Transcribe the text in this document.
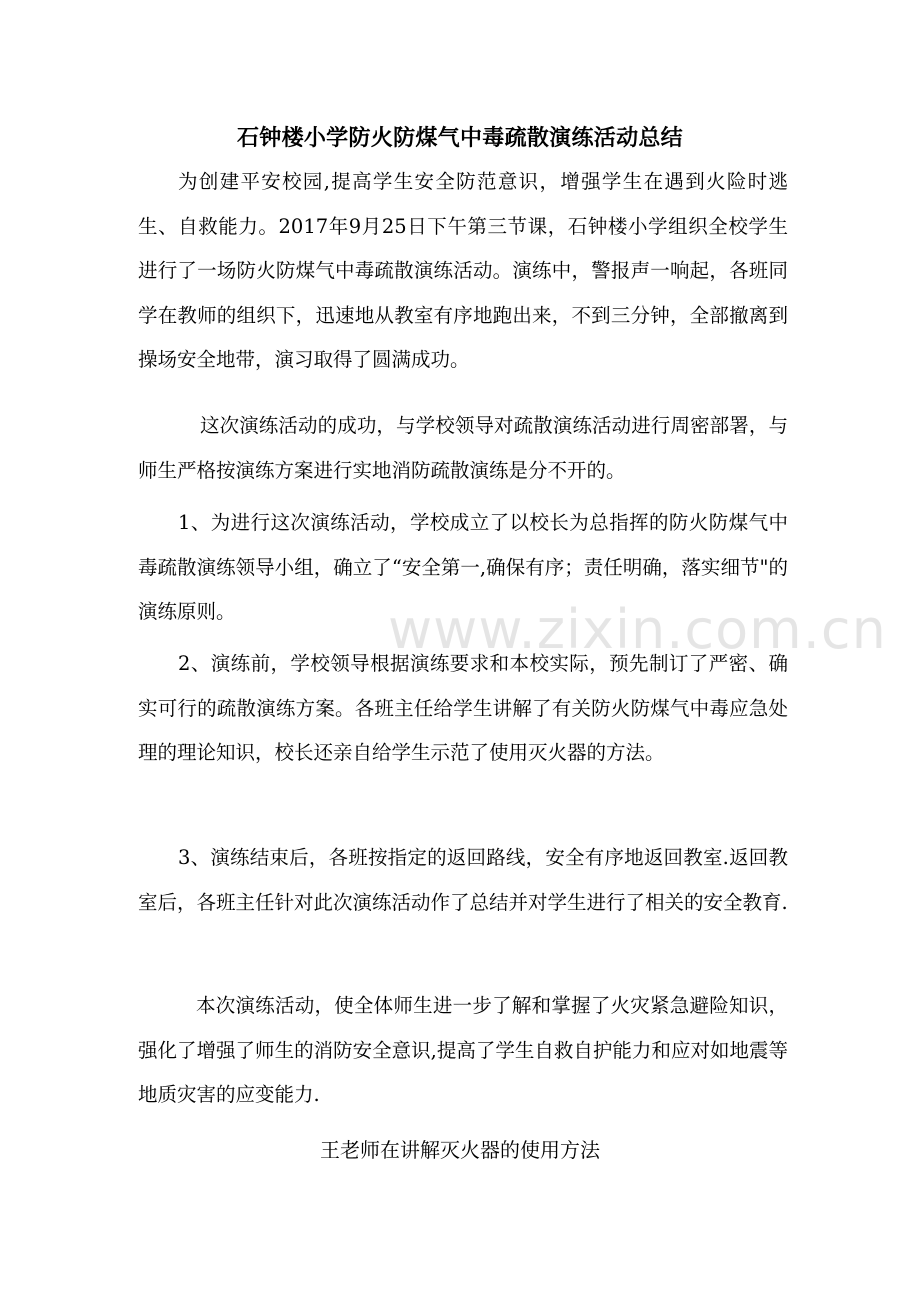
石钟楼小学防火防煤气中毒疏散演练活动总结
为创建平安校园,提高学生安全防范意识，增强学生在遇到火险时逃生、自救能力。2017年9月25日下午第三节课，石钟楼小学组织全校学生进行了一场防火防煤气中毒疏散演练活动。演练中，警报声一响起，各班同学在教师的组织下，迅速地从教室有序地跑出来，不到三分钟，全部撤离到操场安全地带，演习取得了圆满成功。
这次演练活动的成功，与学校领导对疏散演练活动进行周密部署，与师生严格按演练方案进行实地消防疏散演练是分不开的。
1、为进行这次演练活动，学校成立了以校长为总指挥的防火防煤气中毒疏散演练领导小组，确立了“安全第一,确保有序；责任明确，落实细节"的演练原则。
2、演练前，学校领导根据演练要求和本校实际，预先制订了严密、确实可行的疏散演练方案。各班主任给学生讲解了有关防火防煤气中毒应急处理的理论知识，校长还亲自给学生示范了使用灭火器的方法。
3、演练结束后，各班按指定的返回路线，安全有序地返回教室.返回教室后，各班主任针对此次演练活动作了总结并对学生进行了相关的安全教育.
本次演练活动，使全体师生进一步了解和掌握了火灾紧急避险知识，强化了增强了师生的消防安全意识,提高了学生自救自护能力和应对如地震等地质灾害的应变能力.
王老师在讲解灭火器的使用方法
www.zixin.com.cn
